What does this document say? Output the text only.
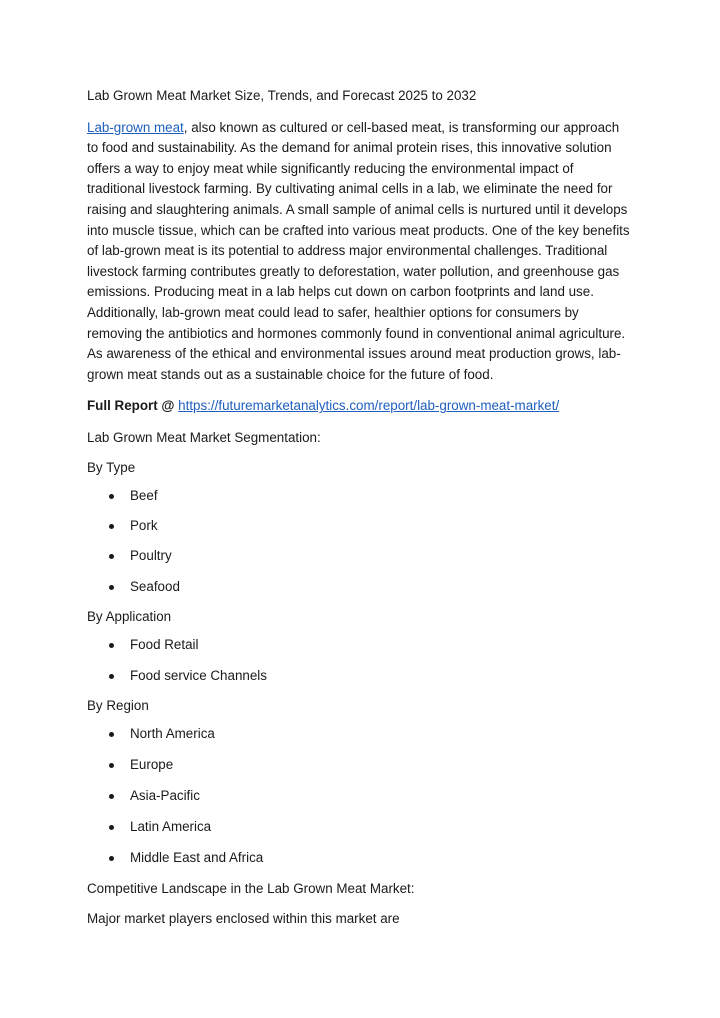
Lab Grown Meat Market Size, Trends, and Forecast 2025 to 2032

Lab-grown meat, also known as cultured or cell-based meat, is transforming our approach to food and sustainability. As the demand for animal protein rises, this innovative solution offers a way to enjoy meat while significantly reducing the environmental impact of traditional livestock farming. By cultivating animal cells in a lab, we eliminate the need for raising and slaughtering animals. A small sample of animal cells is nurtured until it develops into muscle tissue, which can be crafted into various meat products. One of the key benefits of lab-grown meat is its potential to address major environmental challenges. Traditional livestock farming contributes greatly to deforestation, water pollution, and greenhouse gas emissions. Producing meat in a lab helps cut down on carbon footprints and land use. Additionally, lab-grown meat could lead to safer, healthier options for consumers by removing the antibiotics and hormones commonly found in conventional animal agriculture. As awareness of the ethical and environmental issues around meat production grows, lab-grown meat stands out as a sustainable choice for the future of food.

Full Report @ https://futuremarketanalytics.com/report/lab-grown-meat-market/

Lab Grown Meat Market Segmentation:

By Type

Beef
Pork
Poultry
Seafood

By Application

Food Retail
Food service Channels

By Region

North America
Europe
Asia-Pacific
Latin America
Middle East and Africa

Competitive Landscape in the Lab Grown Meat Market:

Major market players enclosed within this market are
